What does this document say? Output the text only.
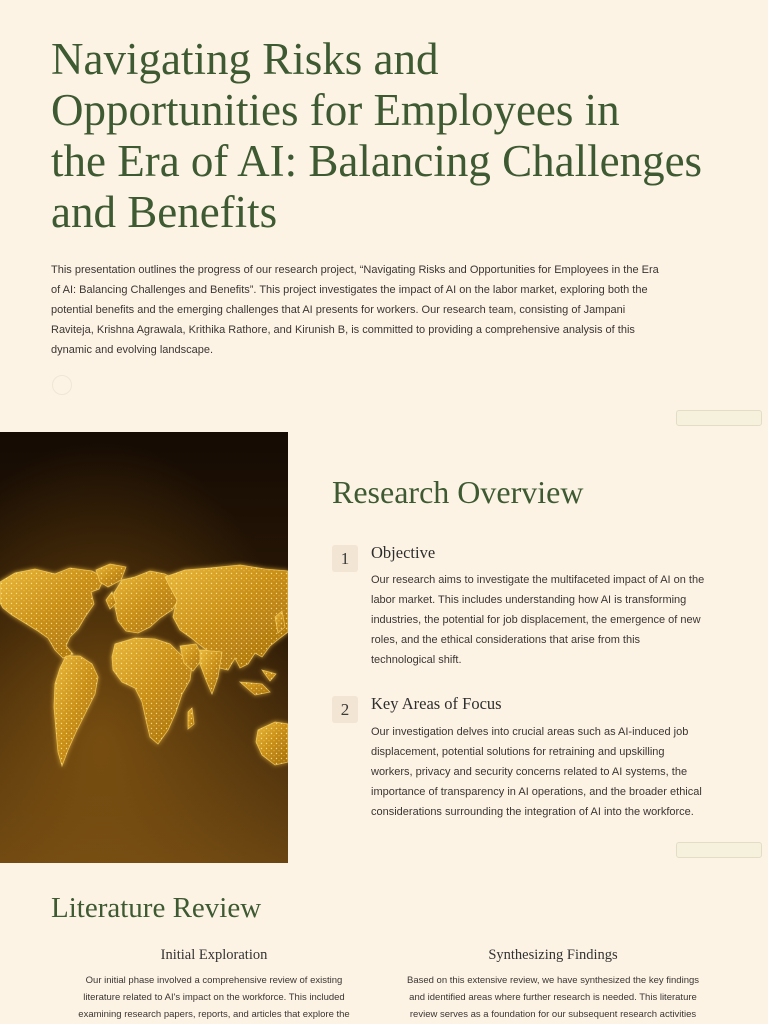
Navigating Risks and
Opportunities for Employees in
the Era of AI: Balancing Challenges
and Benefits
This presentation outlines the progress of our research project, “Navigating Risks and Opportunities for Employees in the Era
of AI: Balancing Challenges and Benefits”. This project investigates the impact of AI on the labor market, exploring both the
potential benefits and the emerging challenges that AI presents for workers. Our research team, consisting of Jampani
Raviteja, Krishna Agrawala, Krithika Rathore, and Kirunish B, is committed to providing a comprehensive analysis of this
dynamic and evolving landscape.
Research Overview
1	Objective
Our research aims to investigate the multifaceted impact of AI on the
labor market. This includes understanding how AI is transforming
industries, the potential for job displacement, the emergence of new
roles, and the ethical considerations that arise from this
technological shift.
2	Key Areas of Focus
Our investigation delves into crucial areas such as AI-induced job
displacement, potential solutions for retraining and upskilling
workers, privacy and security concerns related to AI systems, the
importance of transparency in AI operations, and the broader ethical
considerations surrounding the integration of AI into the workforce.
Literature Review
Initial Exploration
Our initial phase involved a comprehensive review of existing
literature related to AI's impact on the workforce. This included
examining research papers, reports, and articles that explore the
Synthesizing Findings
Based on this extensive review, we have synthesized the key findings
and identified areas where further research is needed. This literature
review serves as a foundation for our subsequent research activities
